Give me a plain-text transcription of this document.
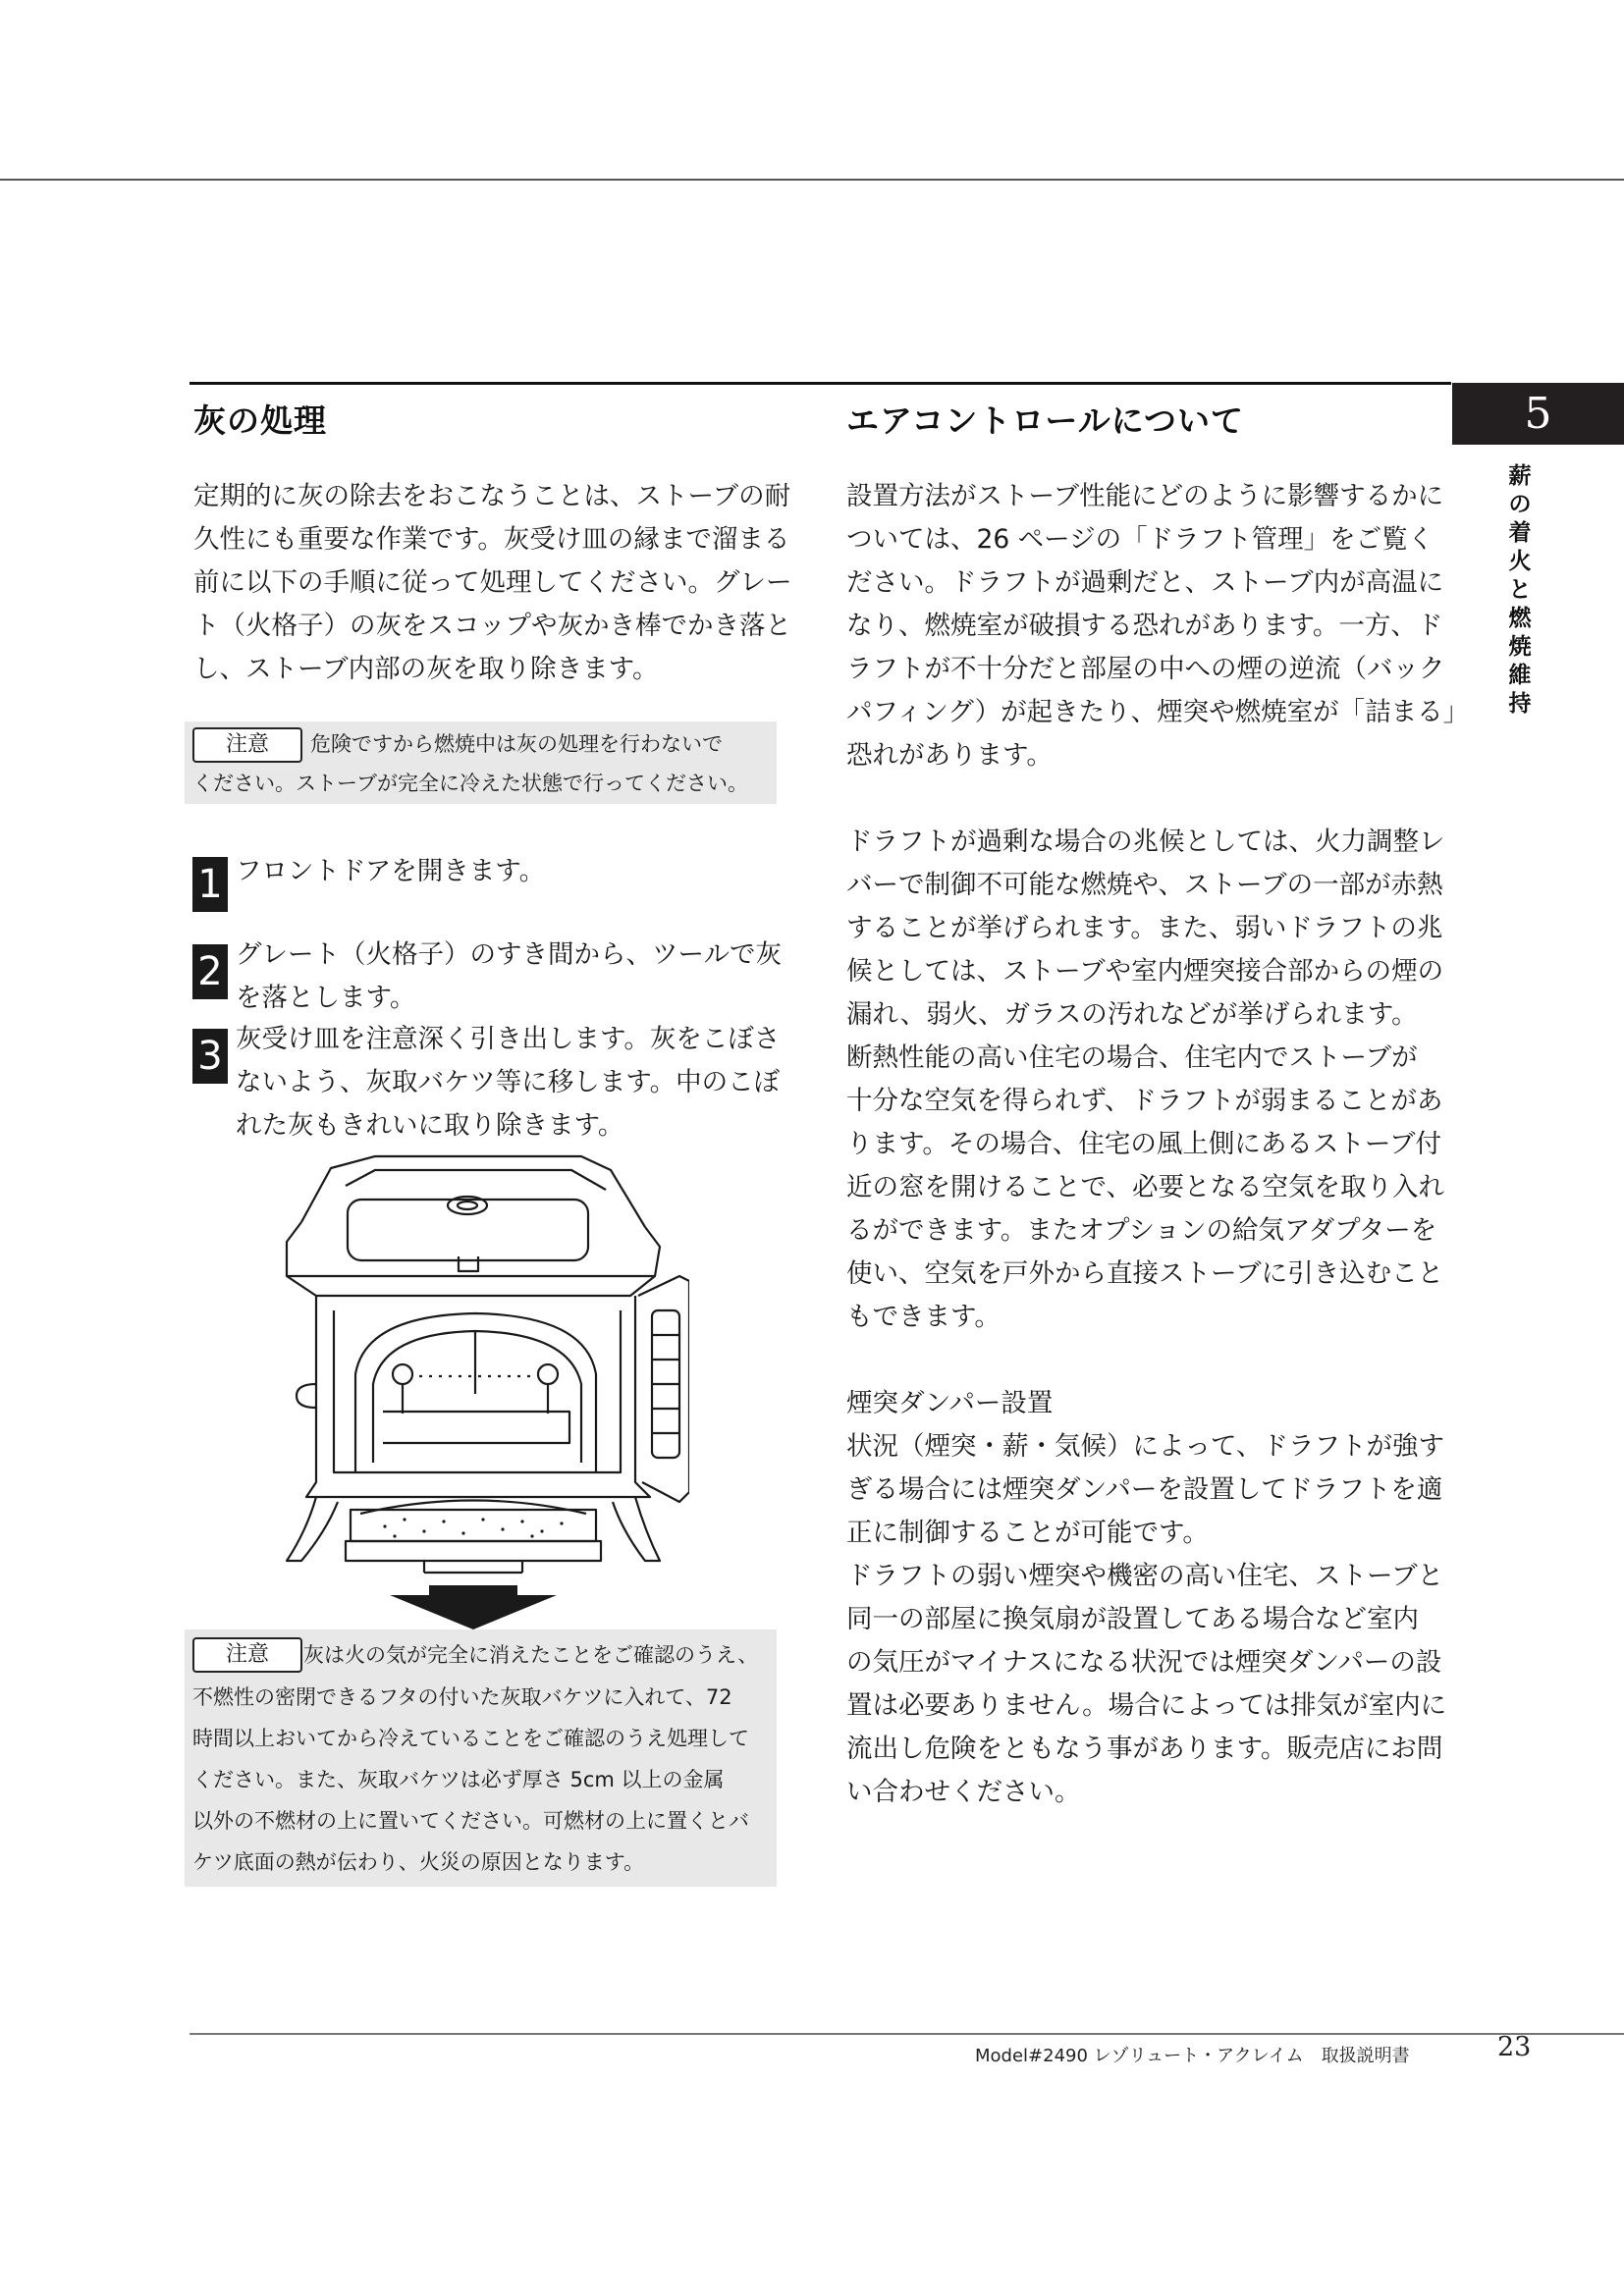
灰の処理	エアコントロールについて	5
薪
の
着
火
と
燃
焼
維
持
定期的に灰の除去をおこなうことは、ストーブの耐
久性にも重要な作業です。灰受け皿の縁まで溜まる
前に以下の手順に従って処理してください。グレー
ト（火格子）の灰をスコップや灰かき棒でかき落と
し、ストーブ内部の灰を取り除きます。
注意	危険ですから燃焼中は灰の処理を行わないで
ください。ストーブが完全に冷えた状態で行ってください。
1 フロントドアを開きます。
2 グレート（火格子）のすき間から、ツールで灰
を落とします。
3 灰受け皿を注意深く引き出します。灰をこぼさ
ないよう、灰取バケツ等に移します。中のこぼ
れた灰もきれいに取り除きます。
注意	灰は火の気が完全に消えたことをご確認のうえ、
不燃性の密閉できるフタの付いた灰取バケツに入れて、72
時間以上おいてから冷えていることをご確認のうえ処理して
ください。また、灰取バケツは必ず厚さ 5cm 以上の金属
以外の不燃材の上に置いてください。可燃材の上に置くとバ
ケツ底面の熱が伝わり、火災の原因となります。
設置方法がストーブ性能にどのように影響するかに
ついては、26 ページの「ドラフト管理」をご覧く
ださい。ドラフトが過剰だと、ストーブ内が高温に
なり、燃焼室が破損する恐れがあります。一方、ド
ラフトが不十分だと部屋の中への煙の逆流（バック
パフィング）が起きたり、煙突や燃焼室が「詰まる」
恐れがあります。
ドラフトが過剰な場合の兆候としては、火力調整レ
バーで制御不可能な燃焼や、ストーブの一部が赤熱
することが挙げられます。また、弱いドラフトの兆
候としては、ストーブや室内煙突接合部からの煙の
漏れ、弱火、ガラスの汚れなどが挙げられます。
断熱性能の高い住宅の場合、住宅内でストーブが
十分な空気を得られず、ドラフトが弱まることがあ
ります。その場合、住宅の風上側にあるストーブ付
近の窓を開けることで、必要となる空気を取り入れ
るができます。またオプションの給気アダプターを
使い、空気を戸外から直接ストーブに引き込むこと
もできます。
煙突ダンパー設置
状況（煙突・薪・気候）によって、ドラフトが強す
ぎる場合には煙突ダンパーを設置してドラフトを適
正に制御することが可能です。
ドラフトの弱い煙突や機密の高い住宅、ストーブと
同一の部屋に換気扇が設置してある場合など室内
の気圧がマイナスになる状況では煙突ダンパーの設
置は必要ありません。場合によっては排気が室内に
流出し危険をともなう事があります。販売店にお問
い合わせください。
Model#2490 レゾリュート・アクレイム　取扱説明書	23
